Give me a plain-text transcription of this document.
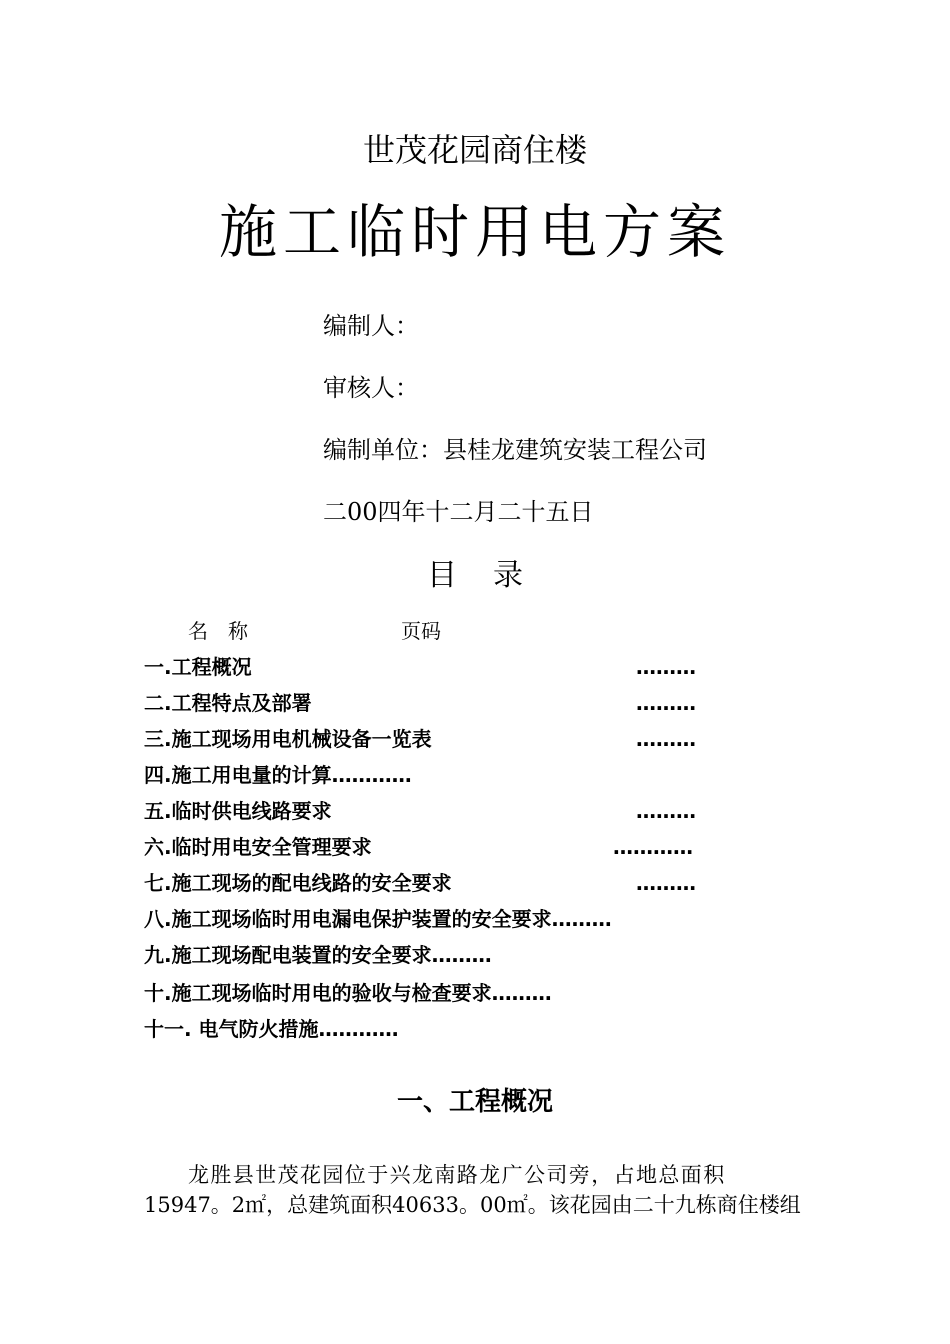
世茂花园商住楼
施工临时用电方案
编制人：
审核人：
编制单位：县桂龙建筑安装工程公司
二00四年十二月二十五日
目 录
名　称	页码
一.工程概况	………
二.工程特点及部署	………
三.施工现场用电机械设备一览表	………
四.施工用电量的计算…………
五.临时供电线路要求	………
六.临时用电安全管理要求	…………
七.施工现场的配电线路的安全要求	………
八.施工现场临时用电漏电保护装置的安全要求………
九.施工现场配电装置的安全要求………
十.施工现场临时用电的验收与检查要求………
十一. 电气防火措施…………
一、工程概况
龙胜县世茂花园位于兴龙南路龙广公司旁，占地总面积
15947。2㎡，总建筑面积40633。00㎡。该花园由二十九栋商住楼组
